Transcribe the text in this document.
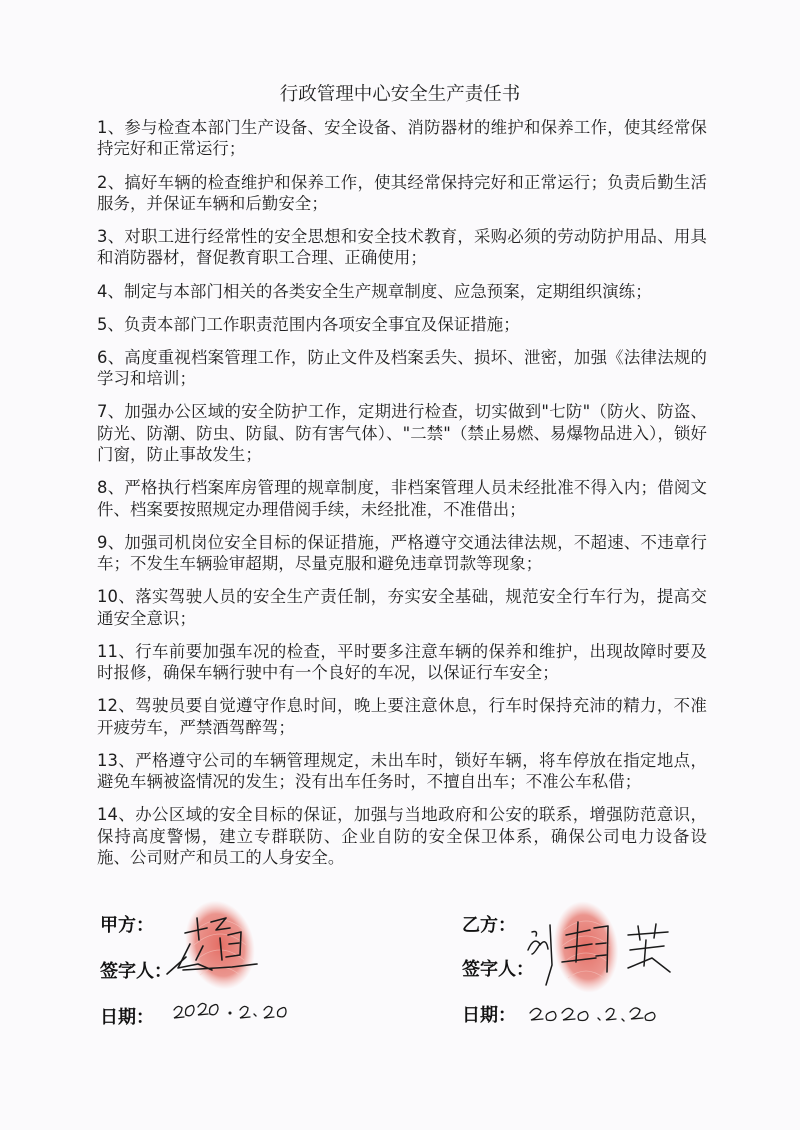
行政管理中心安全生产责任书

1、参与检查本部门生产设备、安全设备、消防器材的维护和保养工作，使其经常保持完好和正常运行；

2、搞好车辆的检查维护和保养工作，使其经常保持完好和正常运行；负责后勤生活服务，并保证车辆和后勤安全；

3、对职工进行经常性的安全思想和安全技术教育，采购必须的劳动防护用品、用具和消防器材，督促教育职工合理、正确使用；

4、制定与本部门相关的各类安全生产规章制度、应急预案，定期组织演练；

5、负责本部门工作职责范围内各项安全事宜及保证措施；

6、高度重视档案管理工作，防止文件及档案丢失、损坏、泄密，加强《法律法规的学习和培训；

7、加强办公区域的安全防护工作，定期进行检查，切实做到"七防"（防火、防盗、防光、防潮、防虫、防鼠、防有害气体）、"二禁"（禁止易燃、易爆物品进入），锁好门窗，防止事故发生；

8、严格执行档案库房管理的规章制度，非档案管理人员未经批准不得入内；借阅文件、档案要按照规定办理借阅手续，未经批准，不准借出；

9、加强司机岗位安全目标的保证措施，严格遵守交通法律法规，不超速、不违章行车；不发生车辆验审超期，尽量克服和避免违章罚款等现象；

10、落实驾驶人员的安全生产责任制，夯实安全基础，规范安全行车行为，提高交通安全意识；

11、行车前要加强车况的检查，平时要多注意车辆的保养和维护，出现故障时要及时报修，确保车辆行驶中有一个良好的车况，以保证行车安全；

12、驾驶员要自觉遵守作息时间，晚上要注意休息，行车时保持充沛的精力，不准开疲劳车，严禁酒驾醉驾；

13、严格遵守公司的车辆管理规定，未出车时，锁好车辆，将车停放在指定地点，避免车辆被盗情况的发生；没有出车任务时，不擅自出车；不准公车私借；

14、办公区域的安全目标的保证，加强与当地政府和公安的联系，增强防范意识，保持高度警惕，建立专群联防、企业自防的安全保卫体系，确保公司电力设备设施、公司财产和员工的人身安全。

甲方：
签字人：
日期：
乙方：
签字人：
日期：
